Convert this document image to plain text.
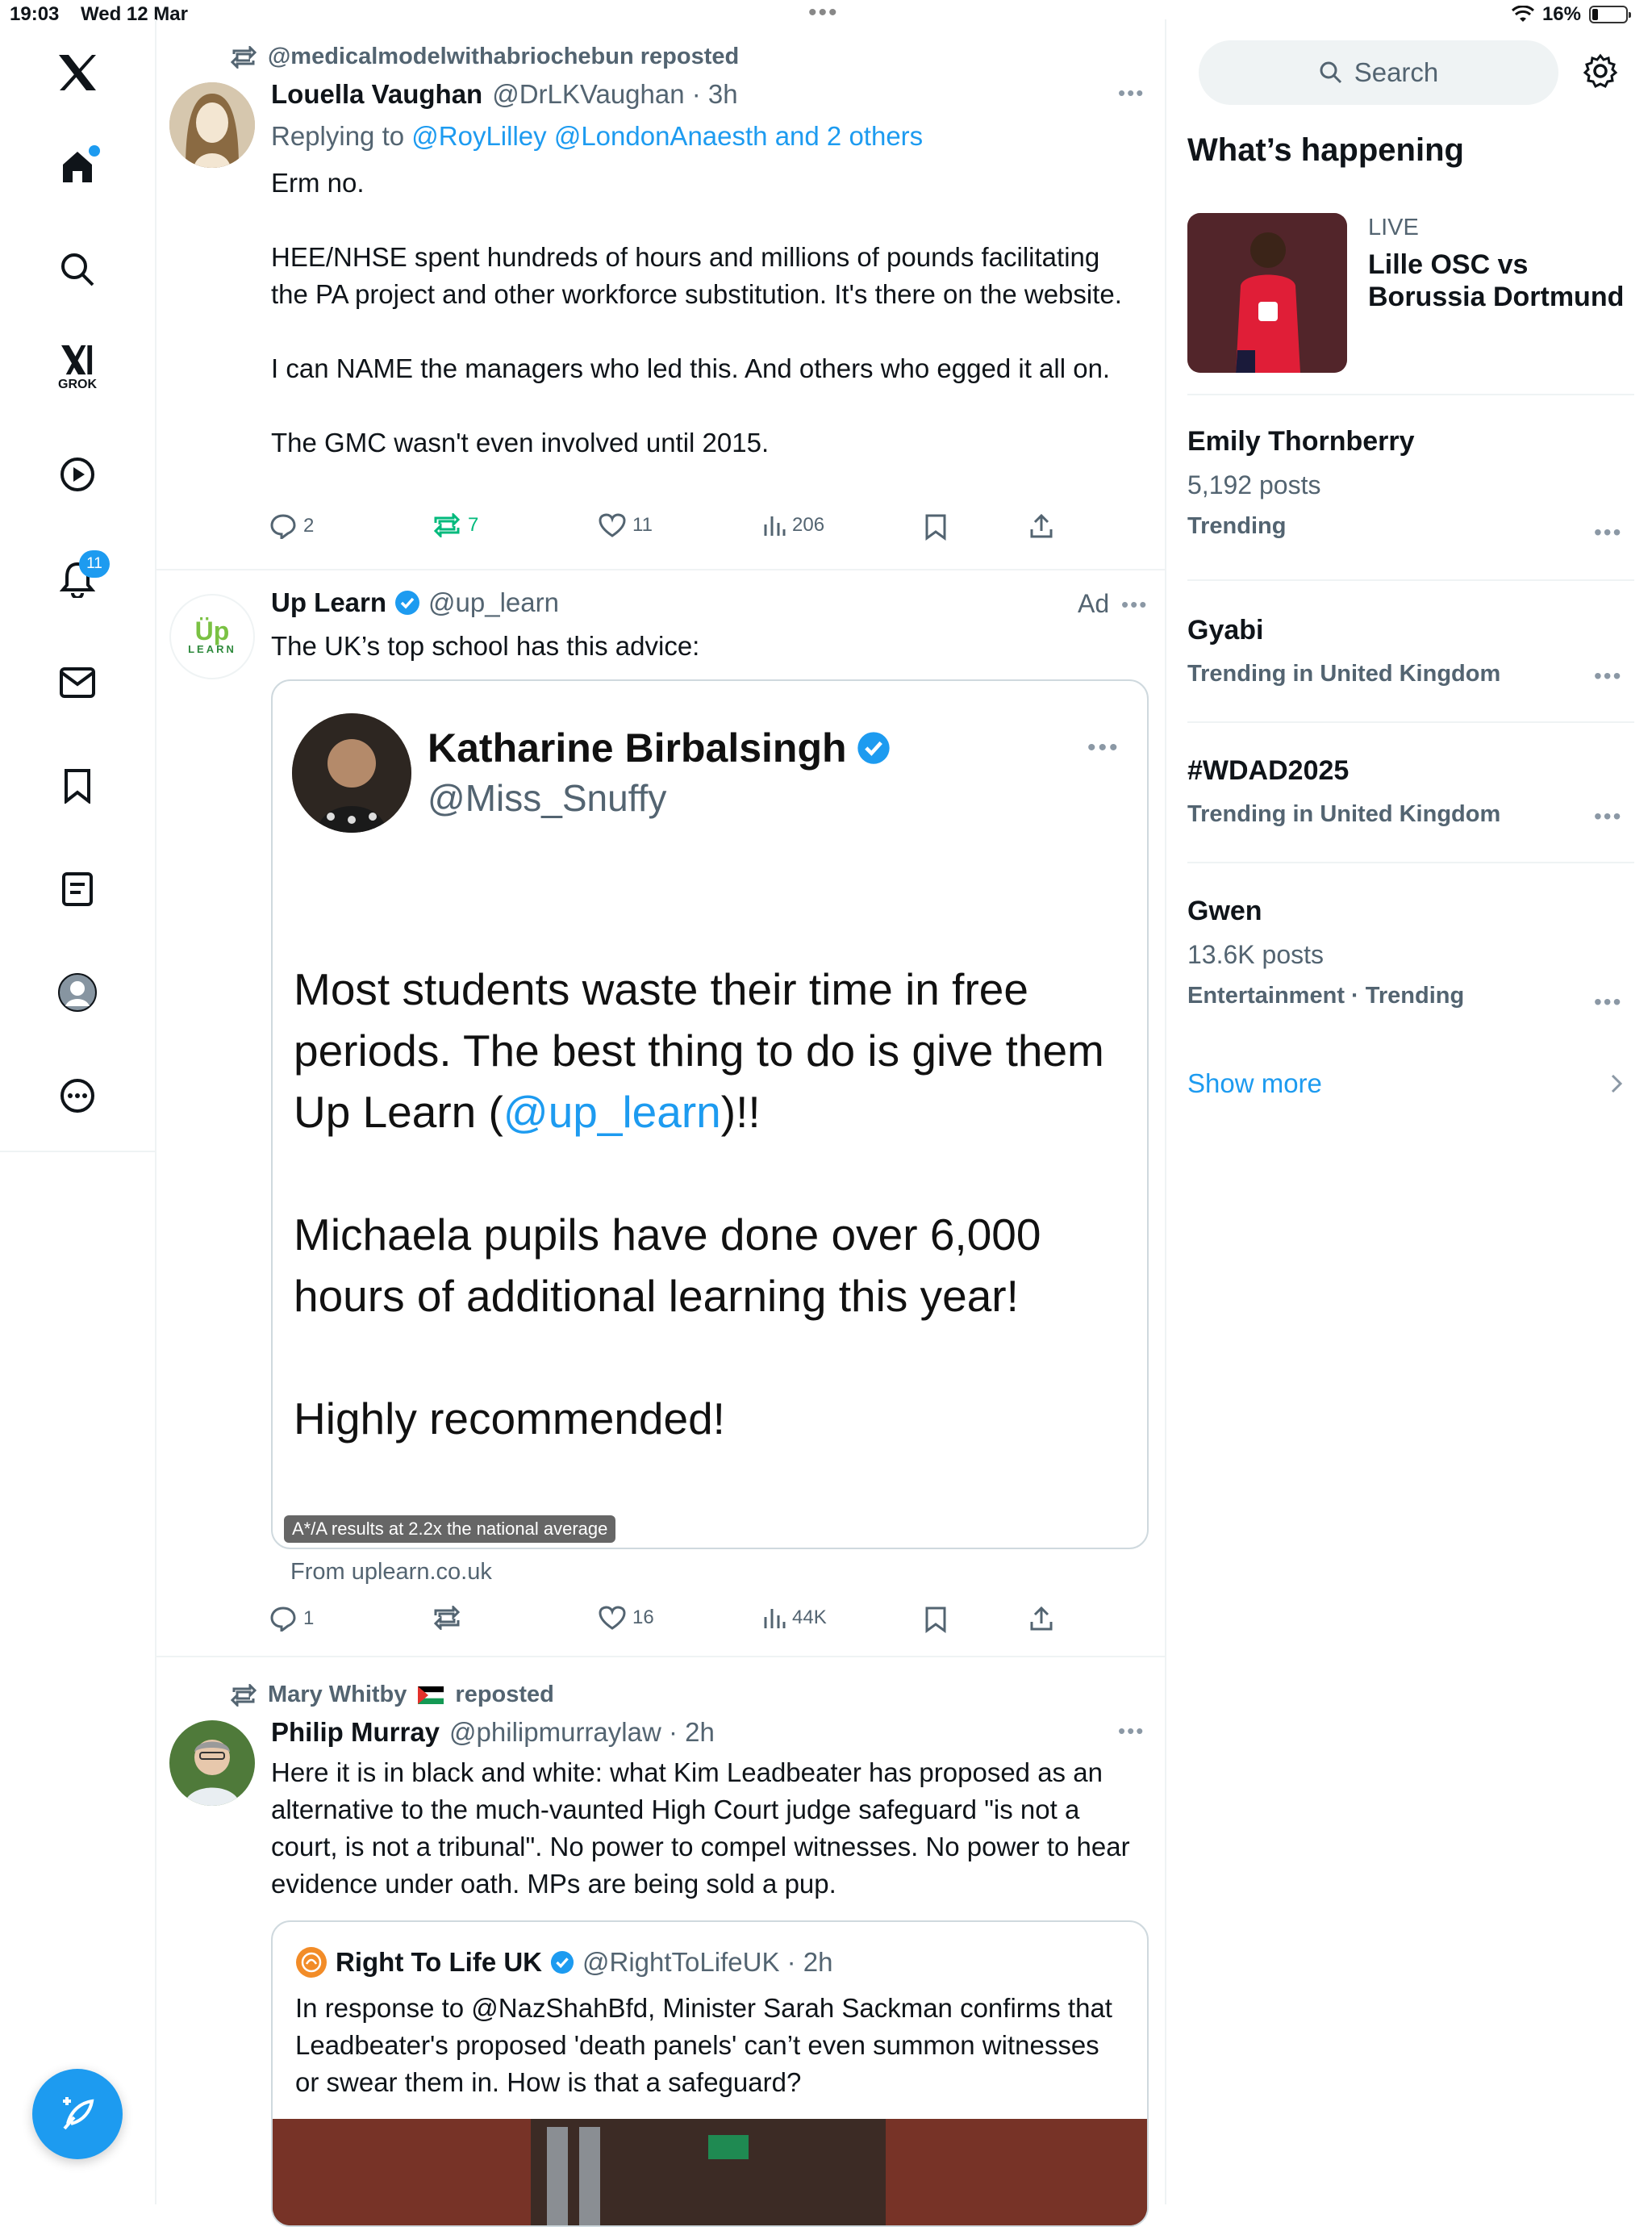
19:03 Wed 12 Mar	•••	16%
GROK
11
@medicalmodelwithabriochebun reposted
Louella Vaughan @DrLKVaughan · 3h	•••
Replying to @RoyLilley @LondonAnaesth and 2 others
Erm no.
HEE/NHSE spent hundreds of hours and millions of pounds facilitating the PA project and other workforce substitution. It's there on the website.
I can NAME the managers who led this. And others who egged it all on.
The GMC wasn't even involved until 2015.
2	7	11	206
Üp
LEARN
Up Learn @up_learn	Ad •••
The UK’s top school has this advice:
Katharine Birbalsingh
@Miss_Snuffy
•••
Most students waste their time in free periods. The best thing to do is give them Up Learn (@up_learn)!!
Michaela pupils have done over 6,000 hours of additional learning this year!
Highly recommended!
A*/A results at 2.2x the national average
From uplearn.co.uk
1	16	44K
Mary Whitby reposted
Philip Murray @philipmurraylaw · 2h	•••
Here it is in black and white: what Kim Leadbeater has proposed as an alternative to the much-vaunted High Court judge safeguard "is not a court, is not a tribunal". No power to compel witnesses. No power to hear evidence under oath. MPs are being sold a pup.
Right To Life UK @RightToLifeUK · 2h
In response to @NazShahBfd, Minister Sarah Sackman confirms that Leadbeater's proposed 'death panels' can’t even summon witnesses or swear them in. How is that a safeguard?
Search
What’s happening
LIVE
Lille OSC vs Borussia Dortmund
Emily Thornberry
5,192 posts
Trending	•••
Gyabi
Trending in United Kingdom	•••
#WDAD2025
Trending in United Kingdom	•••
Gwen
13.6K posts
Entertainment · Trending	•••
Show more
